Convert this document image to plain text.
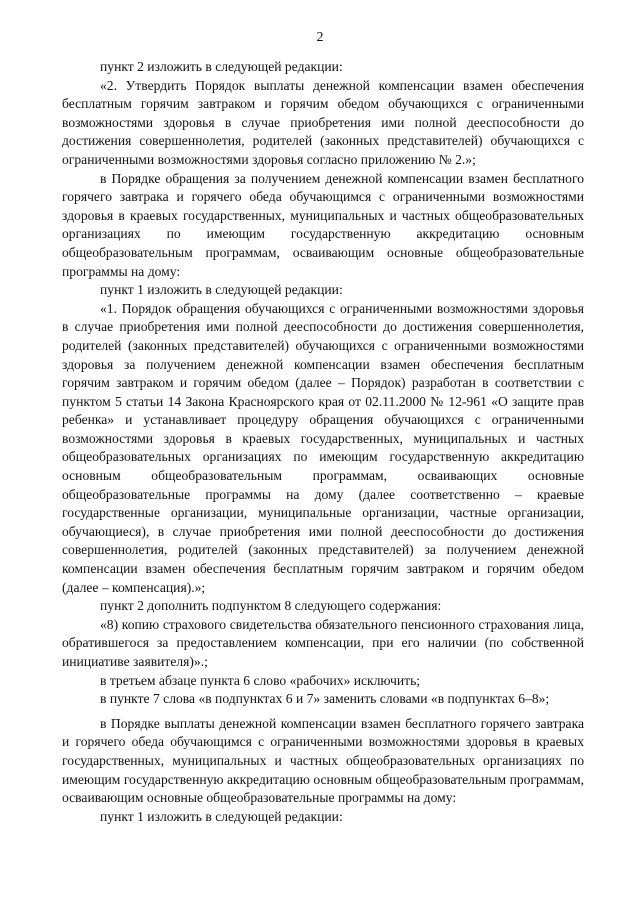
2

пункт 2 изложить в следующей редакции:

«2. Утвердить Порядок выплаты денежной компенсации взамен обеспечения бесплатным горячим завтраком и горячим обедом обучающихся с ограниченными возможностями здоровья в случае приобретения ими полной дееспособности до достижения совершеннолетия, родителей (законных представителей) обучающихся с ограниченными возможностями здоровья согласно приложению № 2.»;

в Порядке обращения за получением денежной компенсации взамен бесплатного горячего завтрака и горячего обеда обучающимся с ограниченными возможностями здоровья в краевых государственных, муниципальных и частных общеобразовательных организациях по имеющим государственную аккредитацию основным общеобразовательным программам, осваивающим основные общеобразовательные программы на дому:

пункт 1 изложить в следующей редакции:

«1. Порядок обращения обучающихся с ограниченными возможностями здоровья в случае приобретения ими полной дееспособности до достижения совершеннолетия, родителей (законных представителей) обучающихся с ограниченными возможностями здоровья за получением денежной компенсации взамен обеспечения бесплатным горячим завтраком и горячим обедом (далее – Порядок) разработан в соответствии с пунктом 5 статьи 14 Закона Красноярского края от 02.11.2000 № 12-961 «О защите прав ребенка» и устанавливает процедуру обращения обучающихся с ограниченными возможностями здоровья в краевых государственных, муниципальных и частных общеобразовательных организациях по имеющим государственную аккредитацию основным общеобразовательным программам, осваивающих основные общеобразовательные программы на дому (далее соответственно – краевые государственные организации, муниципальные организации, частные организации, обучающиеся), в случае приобретения ими полной дееспособности до достижения совершеннолетия, родителей (законных представителей) за получением денежной компенсации взамен обеспечения бесплатным горячим завтраком и горячим обедом (далее – компенсация).»;

пункт 2 дополнить подпунктом 8 следующего содержания:

«8) копию страхового свидетельства обязательного пенсионного страхования лица, обратившегося за предоставлением компенсации, при его наличии (по собственной инициативе заявителя)».;

в третьем абзаце пункта 6 слово «рабочих» исключить;

в пункте 7 слова «в подпунктах 6 и 7» заменить словами «в подпунктах 6–8»;

в Порядке выплаты денежной компенсации взамен бесплатного горячего завтрака и горячего обеда обучающимся с ограниченными возможностями здоровья в краевых государственных, муниципальных и частных общеобразовательных организациях по имеющим государственную аккредитацию основным общеобразовательным программам, осваивающим основные общеобразовательные программы на дому:

пункт 1 изложить в следующей редакции:
